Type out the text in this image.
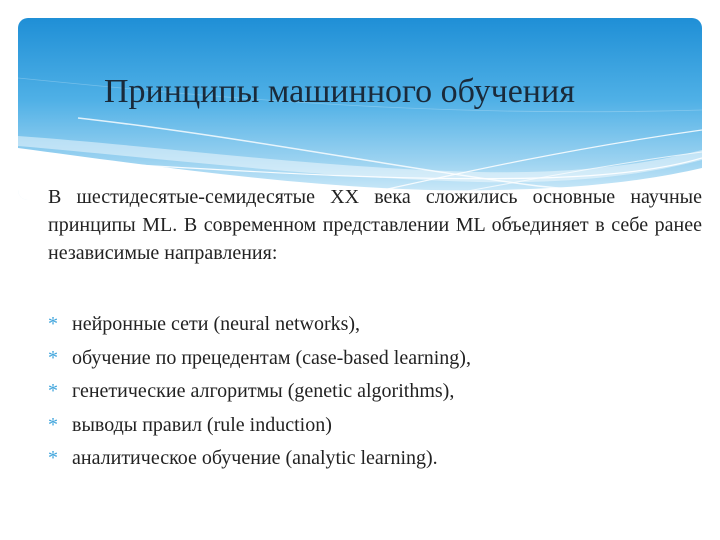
Принципы машинного обучения

В шестидесятые-семидесятые XX века сложились основные научные принципы ML. В современном представлении ML объединяет в себе ранее независимые направления:

* нейронные сети (neural networks),
* обучение по прецедентам (case-based learning),
* генетические алгоритмы (genetic algorithms),
* выводы правил (rule induction)
* аналитическое обучение (analytic learning).
